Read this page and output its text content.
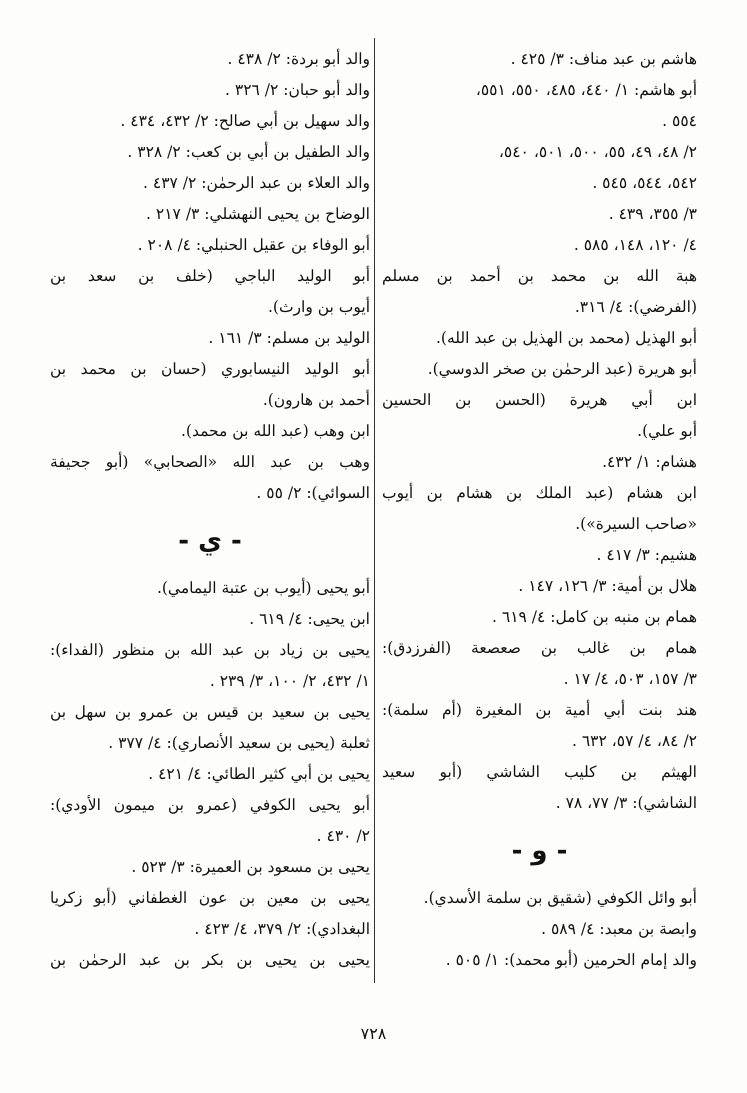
هاشم بن عبد مناف: ٣/ ٤٢٥ .
أبو هاشم: ١/ ٤٤٠، ٤٨٥، ٥٥٠، ٥٥١،
٥٥٤ .
٢/ ٤٨، ٤٩، ٥٥، ٥٠٠، ٥٠١، ٥٤٠،
٥٤٢، ٥٤٤، ٥٤٥ .
٣/ ٣٥٥، ٤٣٩ .
٤/ ١٢٠، ١٤٨، ٥٨٥ .
هبة الله بن محمد بن أحمد بن مسلم
(الفرضي): ٤/ ٣١٦.
أبو الهذيل (محمد بن الهذيل بن عبد الله).
أبو هريرة (عبد الرحمٰن بن صخر الدوسي).
ابن أبي هريرة (الحسن بن الحسين
أبو علي).
هشام: ١/ ٤٣٢.
ابن هشام (عبد الملك بن هشام بن أيوب
«صاحب السيرة»).
هشيم: ٣/ ٤١٧ .
هلال بن أمية: ٣/ ١٢٦، ١٤٧ .
همام بن منبه بن كامل: ٤/ ٦١٩ .
همام بن غالب بن صعصعة (الفرزدق):
٣/ ١٥٧، ٥٠٣، ٤/ ١٧ .
هند بنت أبي أمية بن المغيرة (أم سلمة):
٢/ ٨٤، ٤/ ٥٧، ٦٣٢ .
الهيثم بن كليب الشاشي (أبو سعيد
الشاشي): ٣/ ٧٧، ٧٨ .
- و -
أبو وائل الكوفي (شقيق بن سلمة الأسدي).
وابصة بن معبد: ٤/ ٥٨٩ .
والد إمام الحرمين (أبو محمد): ١/ ٥٠٥ .
والد أبو بردة: ٢/ ٤٣٨ .
والد أبو حبان: ٢/ ٣٢٦ .
والد سهيل بن أبي صالح: ٢/ ٤٣٢، ٤٣٤ .
والد الطفيل بن أبي بن كعب: ٢/ ٣٢٨ .
والد العلاء بن عبد الرحمٰن: ٢/ ٤٣٧ .
الوضاح بن يحيى النهشلي: ٣/ ٢١٧ .
أبو الوفاء بن عقيل الحنبلي: ٤/ ٢٠٨ .
أبو الوليد الباجي (خلف بن سعد بن
أيوب بن وارث).
الوليد بن مسلم: ٣/ ١٦١ .
أبو الوليد النيسابوري (حسان بن محمد بن
أحمد بن هارون).
ابن وهب (عبد الله بن محمد).
وهب بن عبد الله «الصحابي» (أبو جحيفة
السوائي): ٢/ ٥٥ .
- ي -
أبو يحيى (أيوب بن عتبة اليمامي).
ابن يحيى: ٤/ ٦١٩ .
يحيى بن زياد بن عبد الله بن منظور (الفداء):
١/ ٤٣٢، ٢/ ١٠٠، ٣/ ٢٣٩ .
يحيى بن سعيد بن قيس بن عمرو بن سهل بن
ثعلبة (يحيى بن سعيد الأنصاري): ٤/ ٣٧٧ .
يحيى بن أبي كثير الطائي: ٤/ ٤٢١ .
أبو يحيى الكوفي (عمرو بن ميمون الأودي):
٢/ ٤٣٠ .
يحيى بن مسعود بن العميرة: ٣/ ٥٢٣ .
يحيى بن معين بن عون الغطفاني (أبو زكريا
البغدادي): ٢/ ٣٧٩، ٤/ ٤٢٣ .
يحيى بن يحيى بن بكر بن عبد الرحمٰن بن
٧٢٨
